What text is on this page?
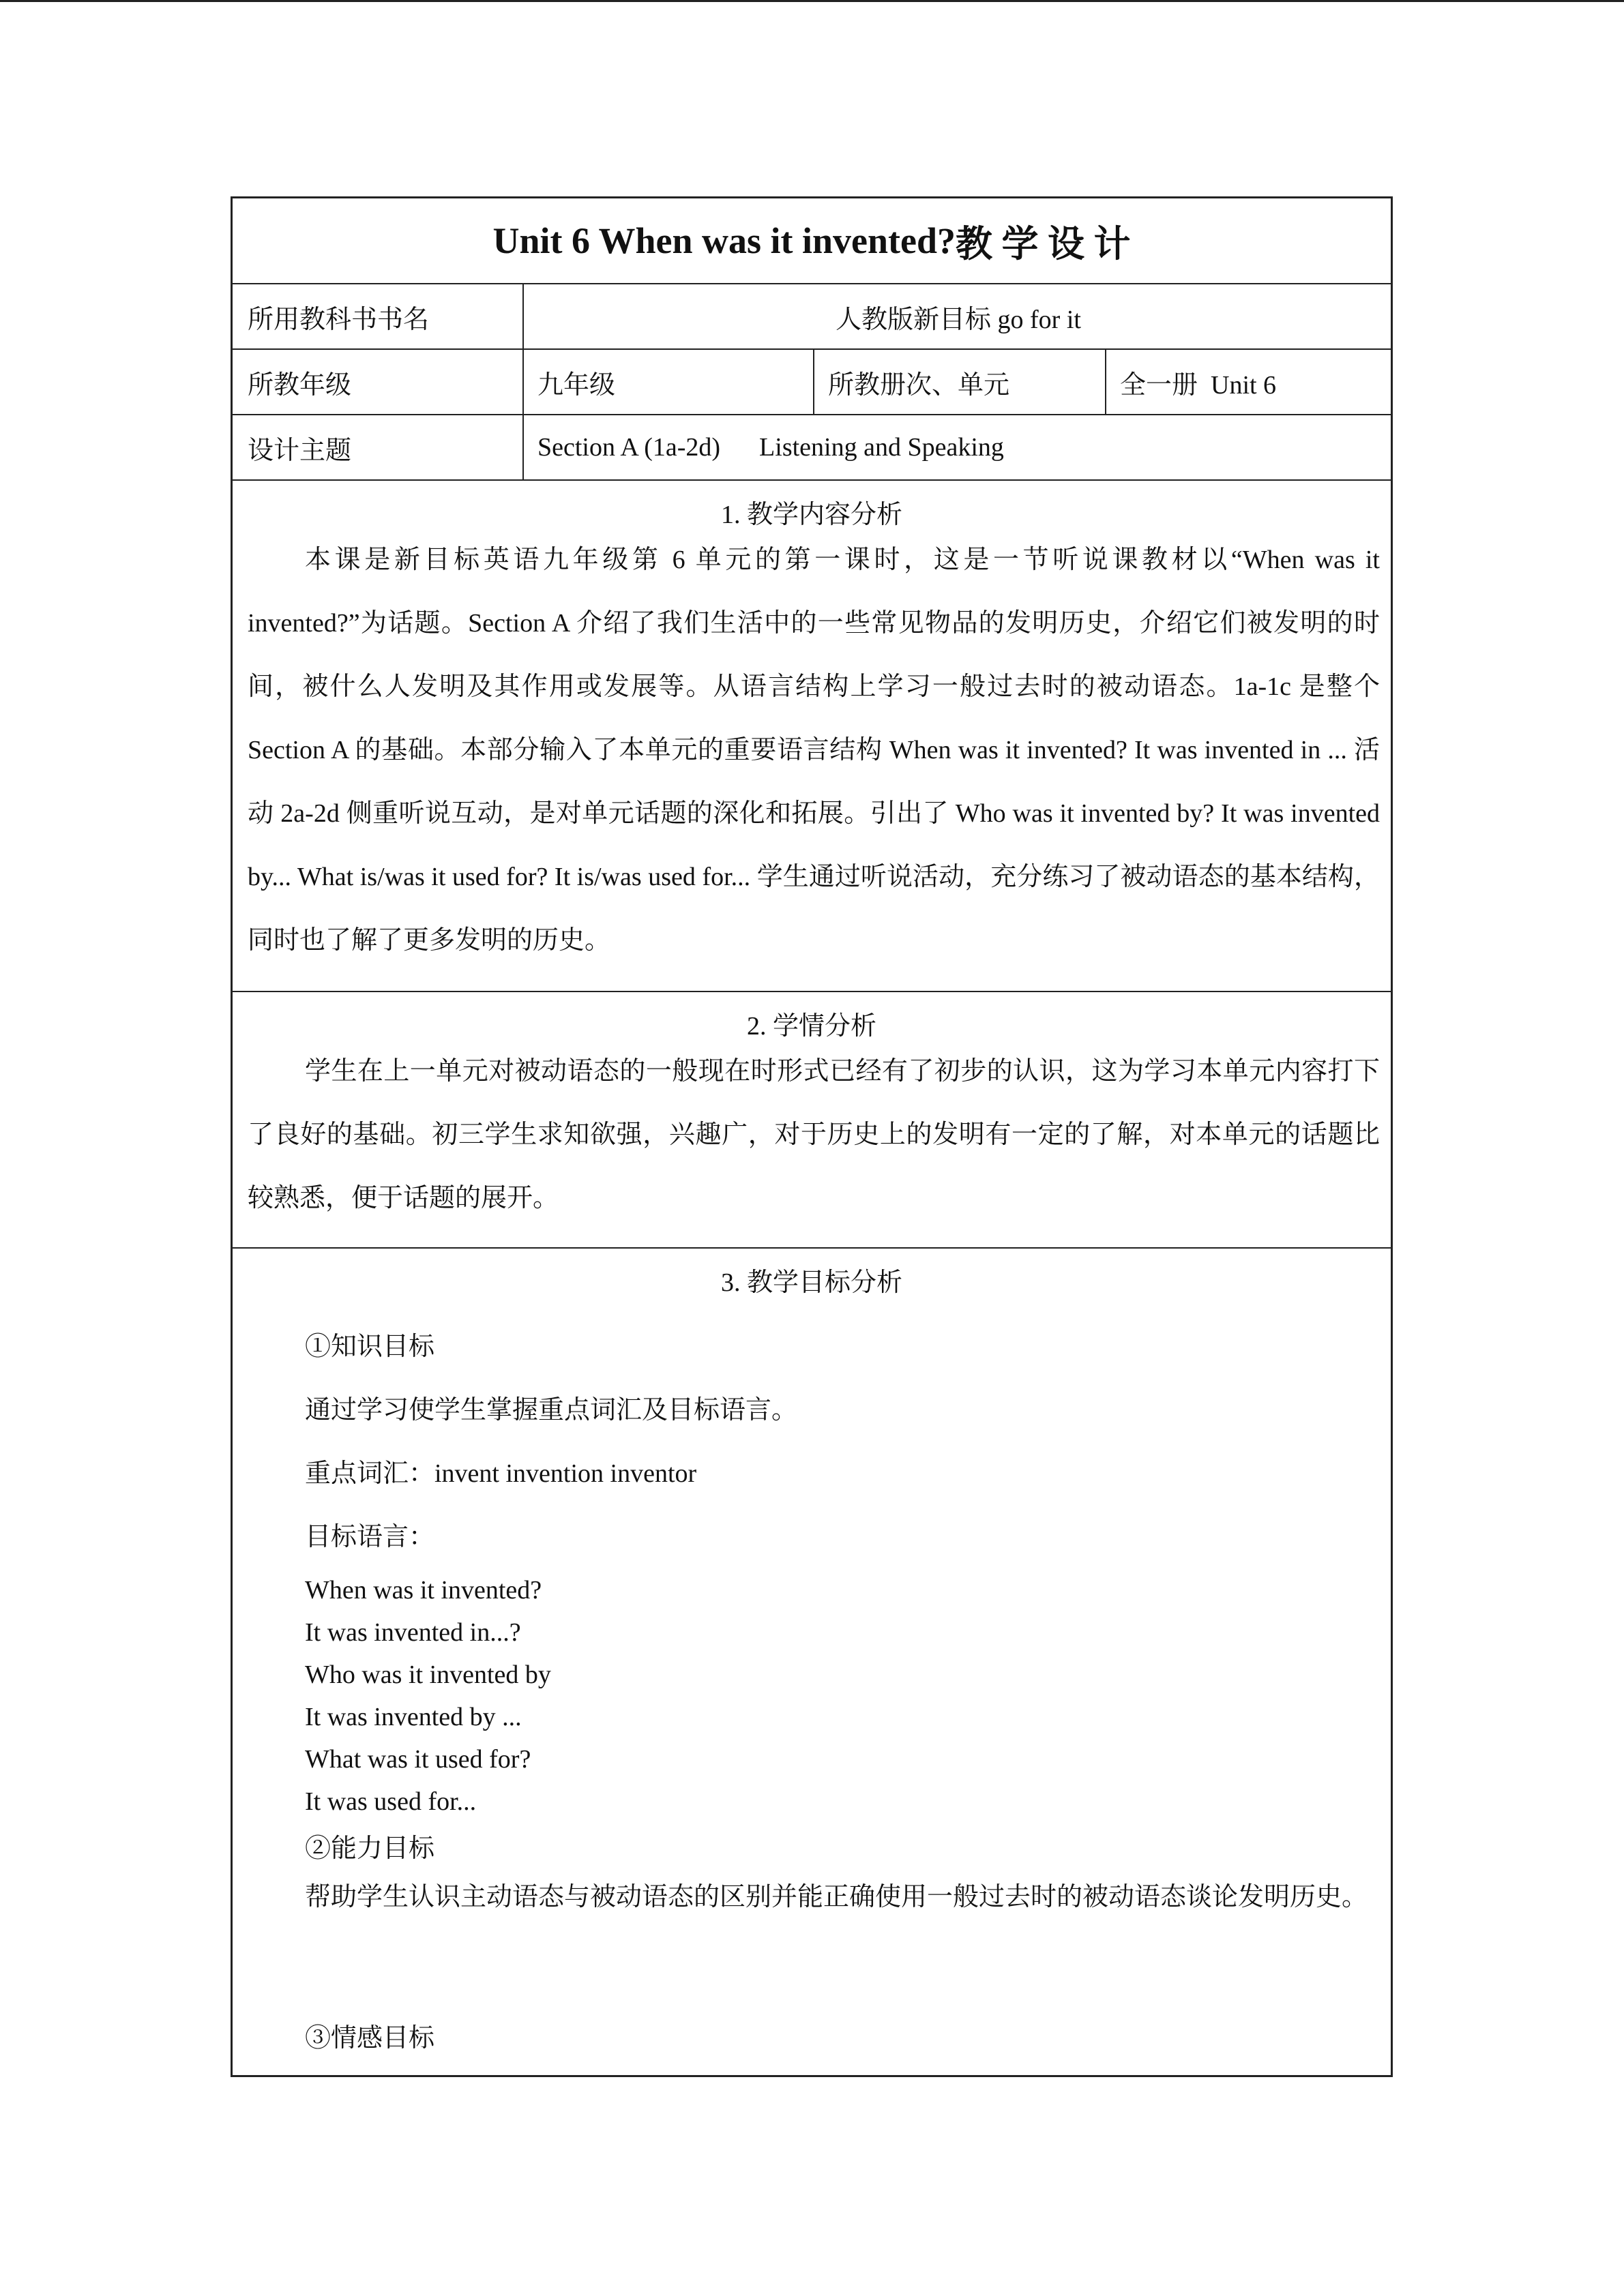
Unit 6 When was it invented? 教 学 设 计
所用教科书书名	人教版新目标 go for it
所教年级	九年级	所教册次、单元	全一册  Unit 6
设计主题	Section A (1a-2d)      Listening and Speaking
1. 教学内容分析
本课是新目标英语九年级第 6 单元的第一课时，这是一节听说课教材以“When was it invented?”为话题。Section A 介绍了我们生活中的一些常见物品的发明历史，介绍它们被发明的时间，被什么人发明及其作用或发展等。从语言结构上学习一般过去时的被动语态。1a-1c 是整个 Section A 的基础。本部分输入了本单元的重要语言结构 When was it invented? It was invented in ... 活动 2a-2d 侧重听说互动，是对单元话题的深化和拓展。引出了 Who was it invented by? It was invented by... What is/was it used for? It is/was used for... 学生通过听说活动，充分练习了被动语态的基本结构，同时也了解了更多发明的历史。
2. 学情分析
学生在上一单元对被动语态的一般现在时形式已经有了初步的认识，这为学习本单元内容打下了良好的基础。初三学生求知欲强，兴趣广，对于历史上的发明有一定的了解，对本单元的话题比较熟悉，便于话题的展开。
3. 教学目标分析
①知识目标
通过学习使学生掌握重点词汇及目标语言。
重点词汇：invent invention inventor
目标语言：
When was it invented?
It was invented in...?
Who was it invented by
It was invented by ...
What was it used for?
It was used for...
②能力目标
帮助学生认识主动语态与被动语态的区别并能正确使用一般过去时的被动语态谈论发明历史。
③情感目标
